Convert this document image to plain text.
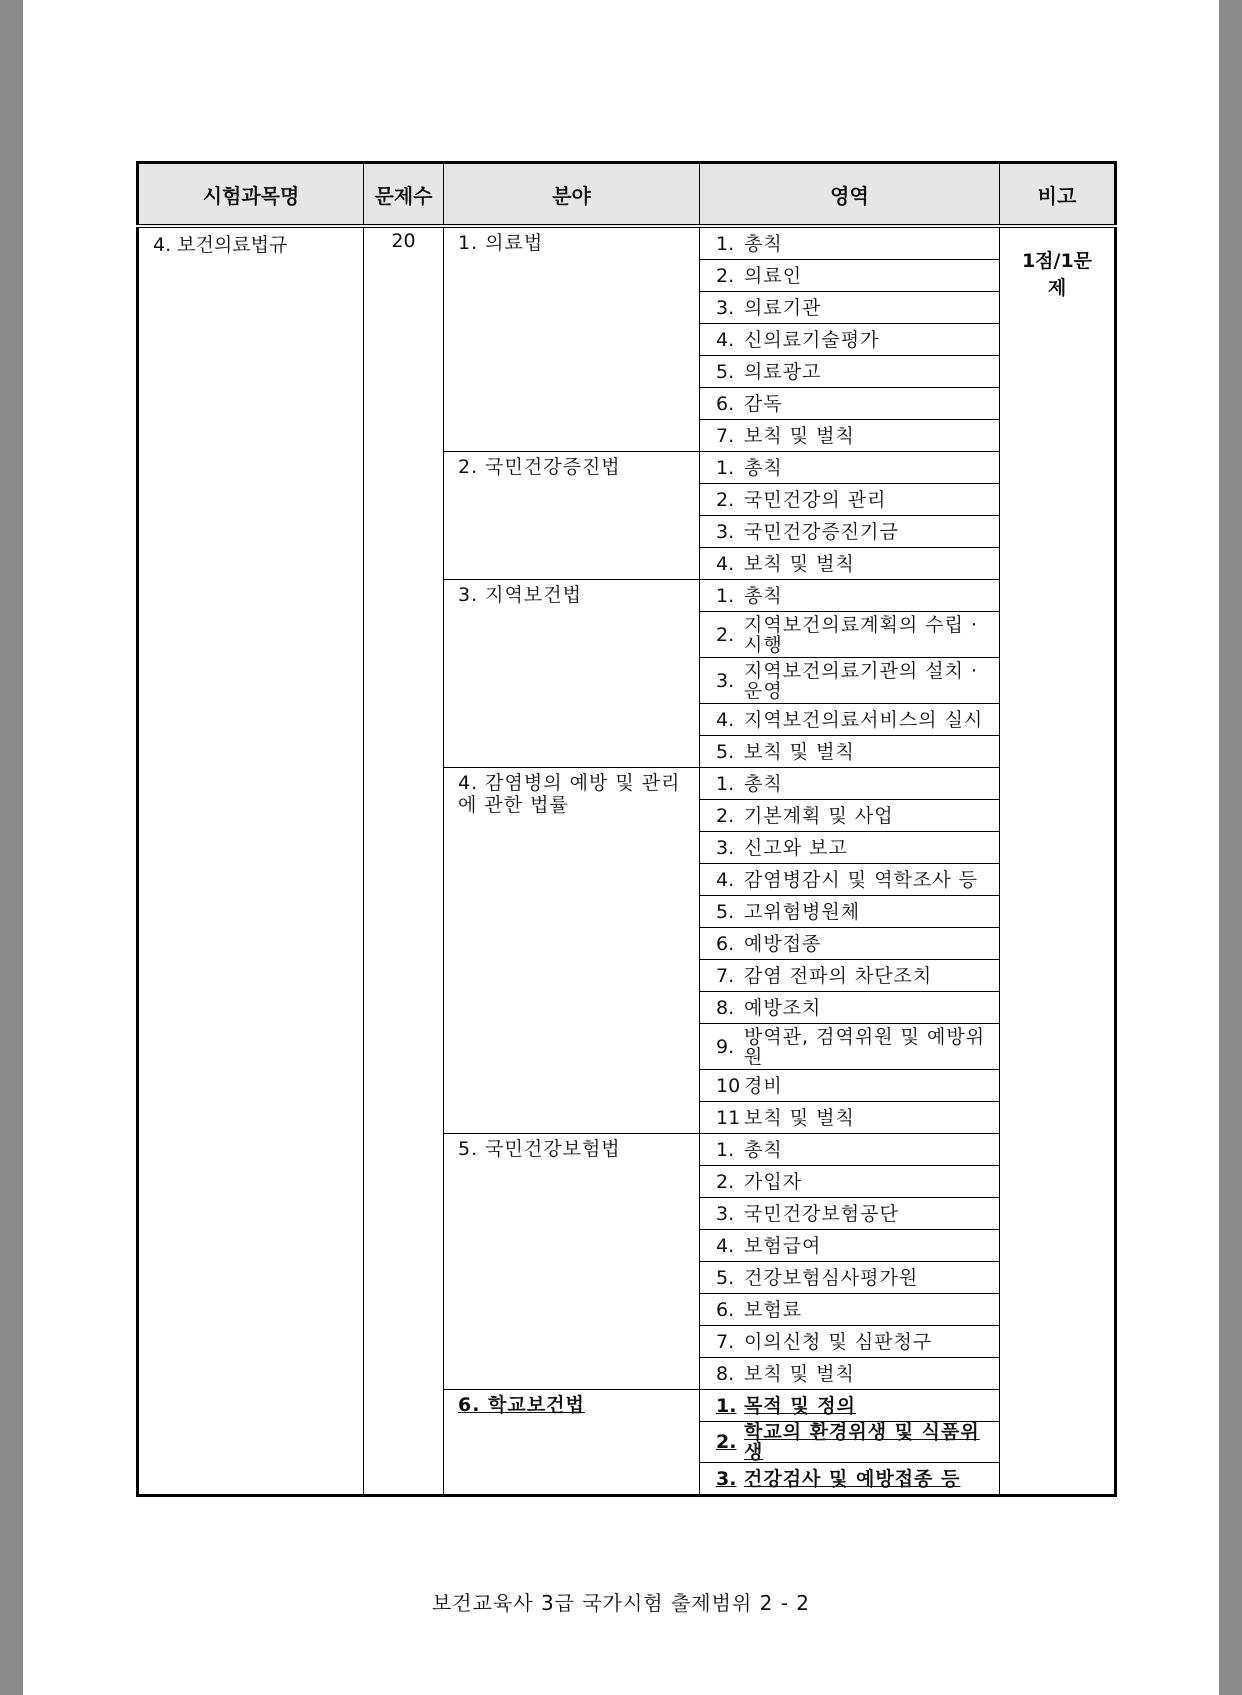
시험과목명	문제수	분야	영역	비고

4. 보건의료법규	20	1. 의료법	1. 총칙	1점/1문제

			2. 의료인	

			3. 의료기관	

			4. 신의료기술평가	

			5. 의료광고	

			6. 감독	

			7. 보칙 및 벌칙	

		2. 국민건강증진법	1. 총칙	

			2. 국민건강의 관리	

			3. 국민건강증진기금	

			4. 보칙 및 벌칙	

		3. 지역보건법	1. 총칙	

			2. 지역보건의료계획의 수립 · 시행	

			3. 지역보건의료기관의 설치 · 운영	

			4. 지역보건의료서비스의 실시	

			5. 보칙 및 벌칙	

		4. 감염병의 예방 및 관리에 관한 법률	1. 총칙	

			2. 기본계획 및 사업	

			3. 신고와 보고	

			4. 감염병감시 및 역학조사 등	

			5. 고위험병원체	

			6. 예방접종	

			7. 감염 전파의 차단조치	

			8. 예방조치	

			9. 방역관, 검역위원 및 예방위원	

			10 경비	

			11 보칙 및 벌칙	

		5. 국민건강보험법	1. 총칙	

			2. 가입자	

			3. 국민건강보험공단	

			4. 보험급여	

			5. 건강보험심사평가원	

			6. 보험료	

			7. 이의신청 및 심판청구	

			8. 보칙 및 벌칙	

		6. 학교보건법	1. 목적 및 정의	

			2. 학교의 환경위생 및 식품위생	

			3. 건강검사 및 예방접종 등	
보건교육사 3급 국가시험 출제범위 2 - 2
